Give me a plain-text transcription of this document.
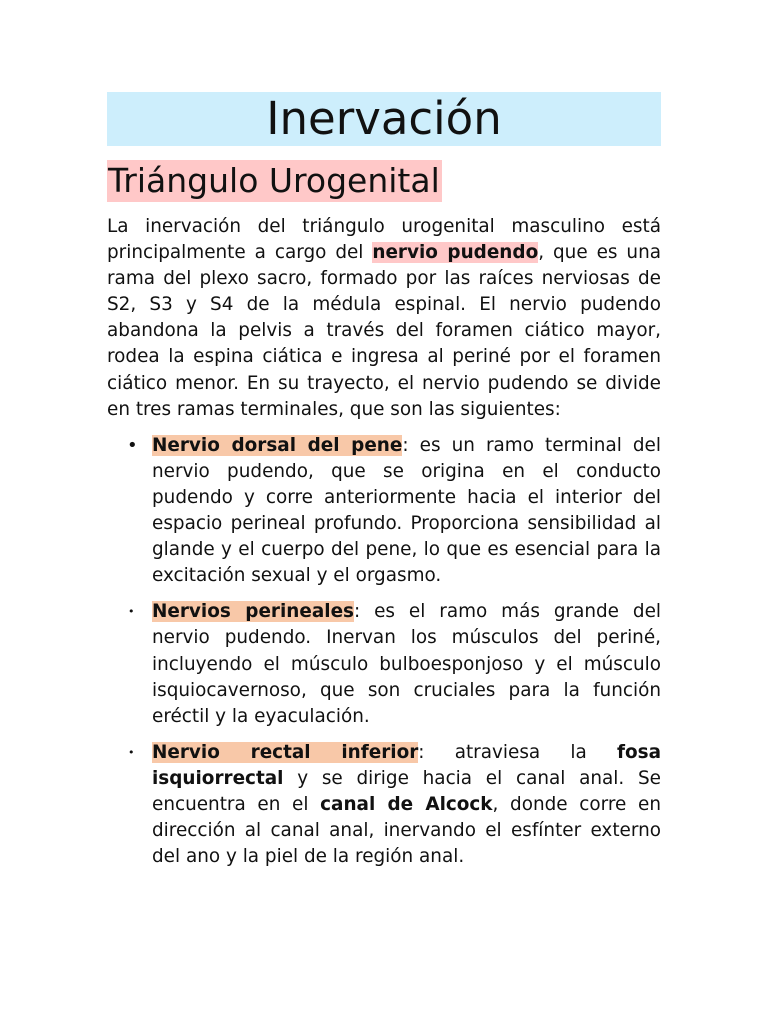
Inervación
Triángulo Urogenital

La inervación del triángulo urogenital masculino está principalmente a cargo del nervio pudendo, que es una rama del plexo sacro, formado por las raíces nerviosas de S2, S3 y S4 de la médula espinal. El nervio pudendo abandona la pelvis a través del foramen ciático mayor, rodea la espina ciática e ingresa al periné por el foramen ciático menor. En su trayecto, el nervio pudendo se divide en tres ramas terminales, que son las siguientes:

• Nervio dorsal del pene: es un ramo terminal del nervio pudendo, que se origina en el conducto pudendo y corre anteriormente hacia el interior del espacio perineal profundo. Proporciona sensibilidad al glande y el cuerpo del pene, lo que es esencial para la excitación sexual y el orgasmo.
• Nervios perineales: es el ramo más grande del nervio pudendo. Inervan los músculos del periné, incluyendo el músculo bulboesponjoso y el músculo isquiocavernoso, que son cruciales para la función eréctil y la eyaculación.
• Nervio rectal inferior: atraviesa la fosa isquiorrectal y se dirige hacia el canal anal. Se encuentra en el canal de Alcock, donde corre en dirección al canal anal, inervando el esfínter externo del ano y la piel de la región anal.
